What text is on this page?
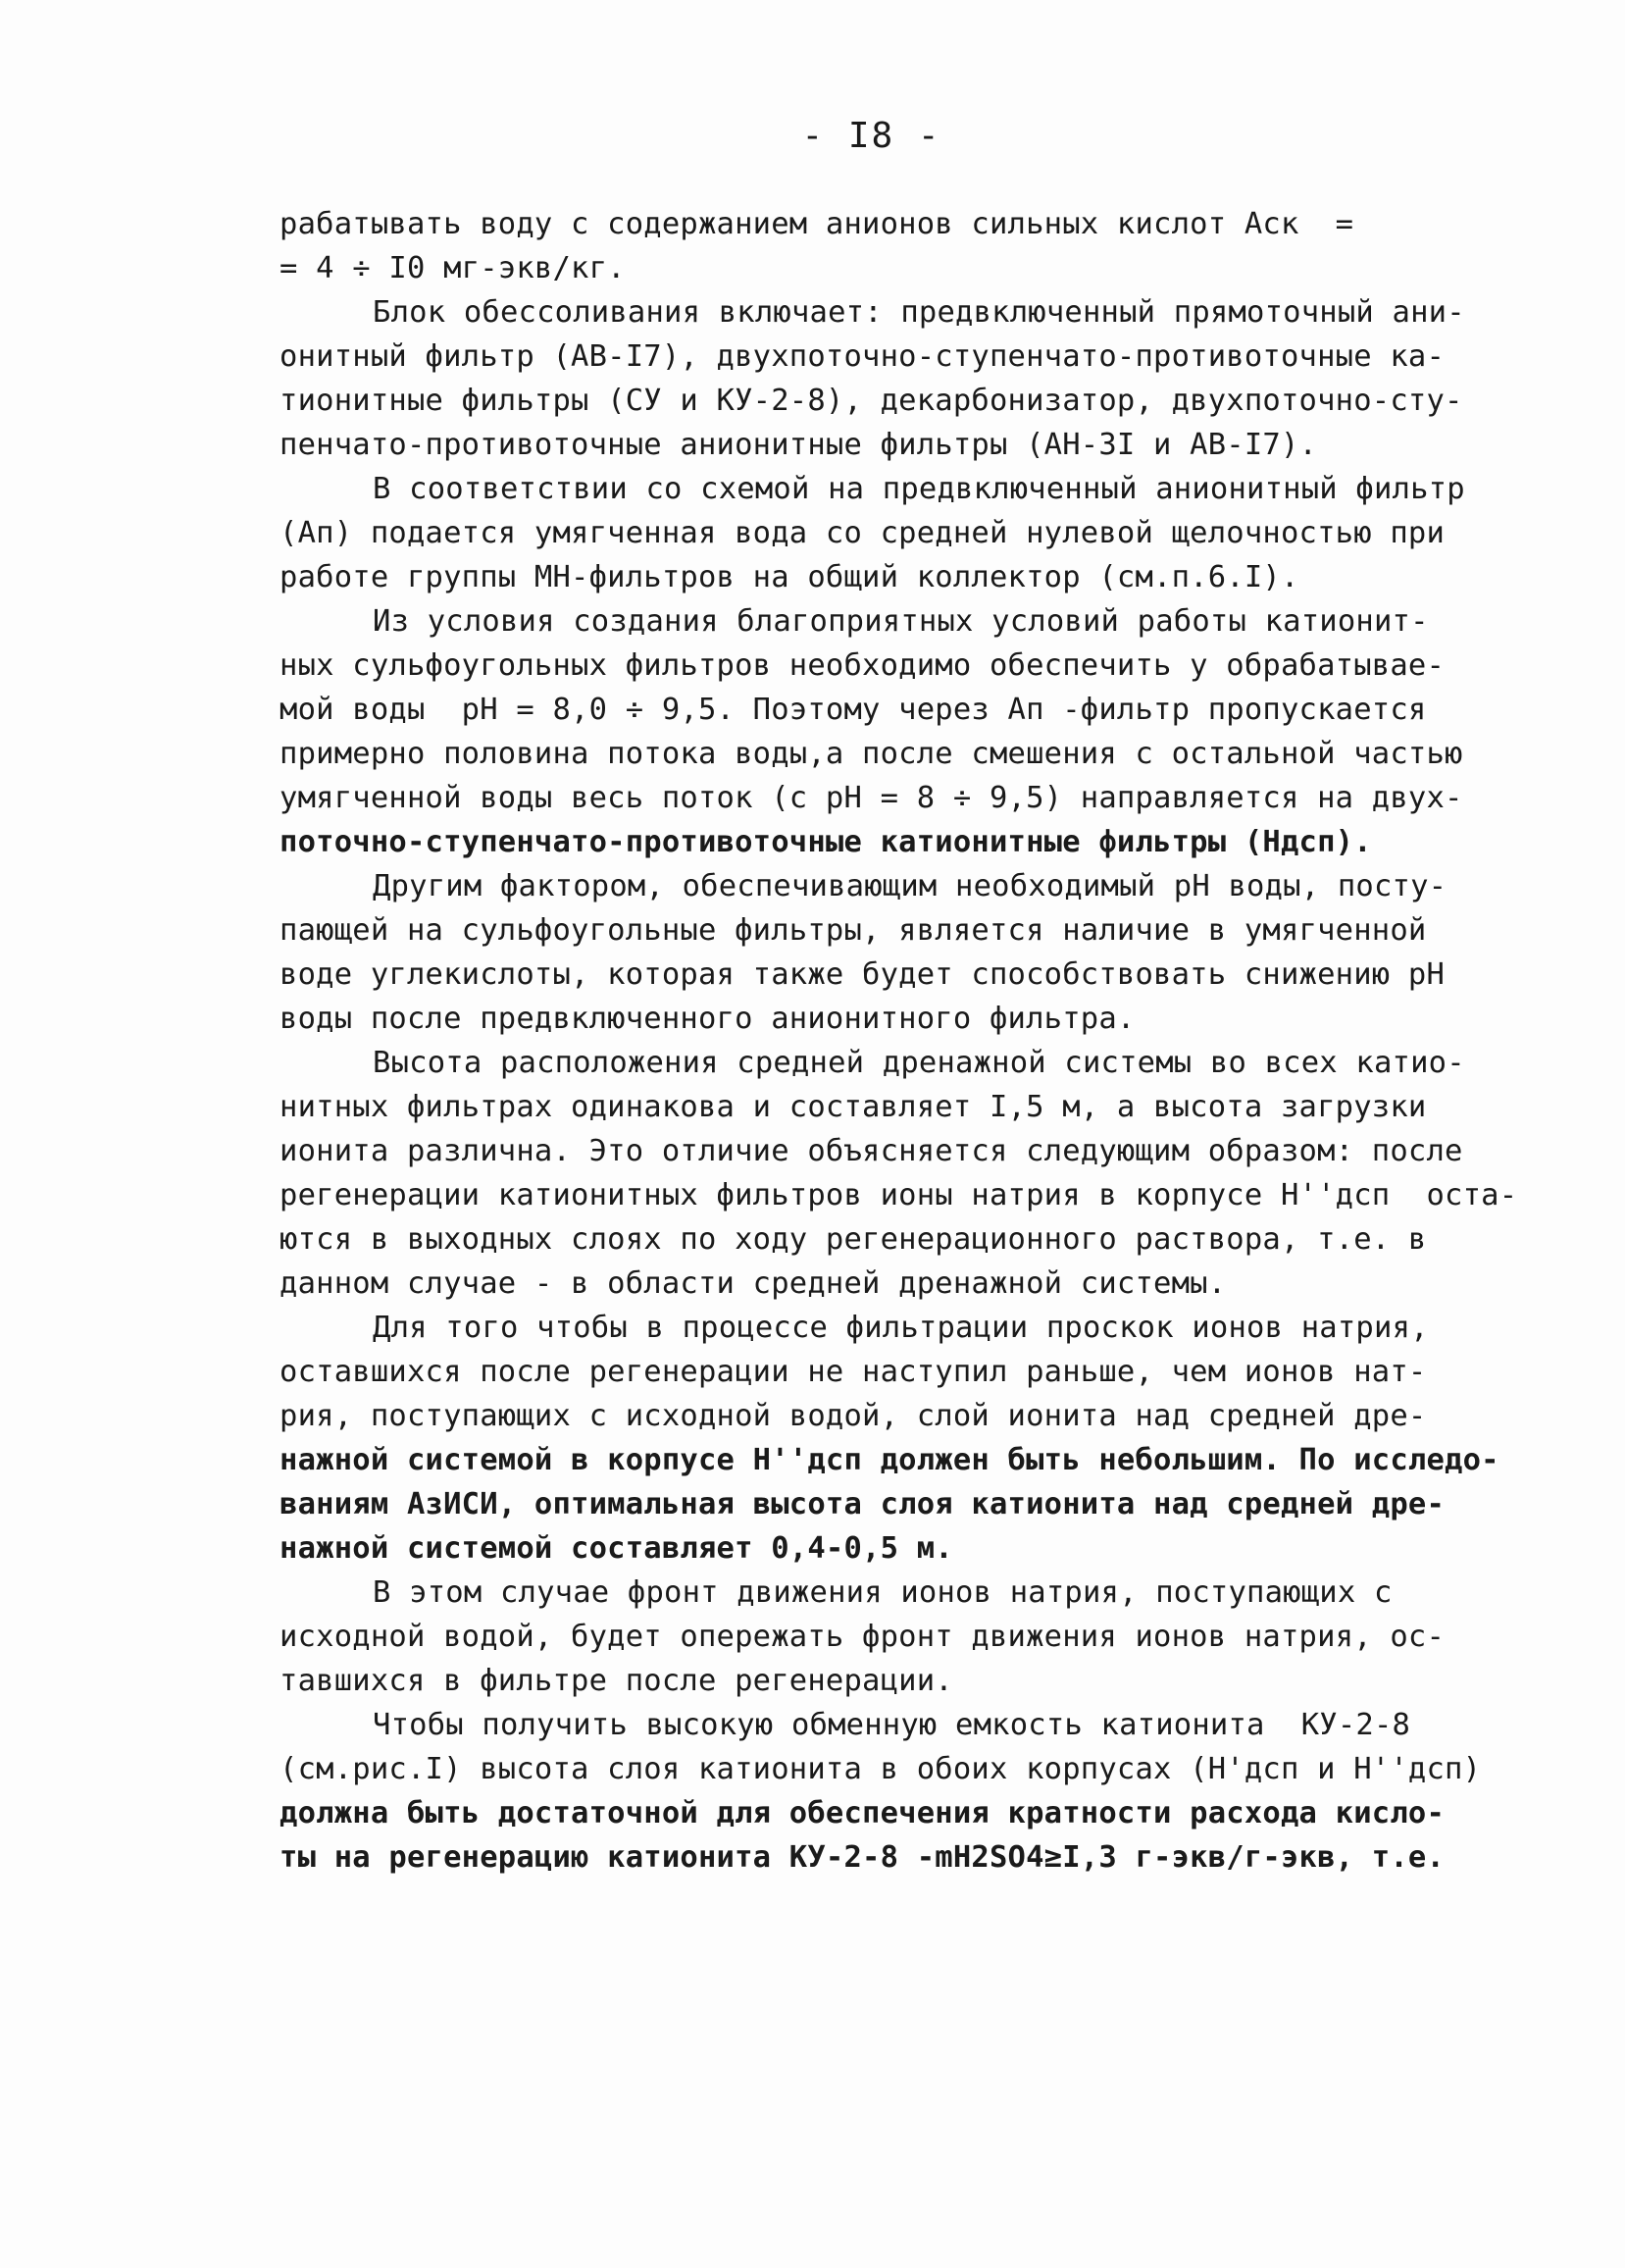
- I8 -
рабатывать воду с содержанием анионов сильных кислот Aск  =
= 4 ÷ I0 мг-экв/кг.
Блок обессоливания включает: предвключенный прямоточный ани-
онитный фильтр (АВ-I7), двухпоточно-ступенчато-противоточные ка-
тионитные фильтры (СУ и КУ-2-8), декарбонизатор, двухпоточно-сту-
пенчато-противоточные анионитные фильтры (АН-3I и АВ-I7).
В соответствии со схемой на предвключенный анионитный фильтр
(Aп) подается умягченная вода со средней нулевой щелочностью при
работе группы МН-фильтров на общий коллектор (см.п.6.I).
Из условия создания благоприятных условий работы катионит-
ных сульфоугольных фильтров необходимо обеспечить у обрабатывае-
мой воды  рН = 8,0 ÷ 9,5. Поэтому через Aп -фильтр пропускается
примерно половина потока воды,а после смешения с остальной частью
умягченной воды весь поток (с рН = 8 ÷ 9,5) направляется на двух-
поточно-ступенчато-противоточные катионитные фильтры (Hдсп).
Другим фактором, обеспечивающим необходимый рН воды, посту-
пающей на сульфоугольные фильтры, является наличие в умягченной
воде углекислоты, которая также будет способствовать снижению рН
воды после предвключенного анионитного фильтра.
Высота расположения средней дренажной системы во всех катио-
нитных фильтрах одинакова и составляет I,5 м, а высота загрузки
ионита различна. Это отличие объясняется следующим образом: после
регенерации катионитных фильтров ионы натрия в корпусе H''дсп  оста-
ются в выходных слоях по ходу регенерационного раствора, т.е. в
данном случае - в области средней дренажной системы.
Для того чтобы в процессе фильтрации проскок ионов натрия,
оставшихся после регенерации не наступил раньше, чем ионов нат-
рия, поступающих с исходной водой, слой ионита над средней дре-
нажной системой в корпусе H''дсп должен быть небольшим. По исследо-
ваниям АзИСИ, оптимальная высота слоя катионита над средней дре-
нажной системой составляет 0,4-0,5 м.
В этом случае фронт движения ионов натрия, поступающих с
исходной водой, будет опережать фронт движения ионов натрия, ос-
тавшихся в фильтре после регенерации.
Чтобы получить высокую обменную емкость катионита  КУ-2-8
(см.рис.I) высота слоя катионита в обоих корпусах (H'дсп и H''дсп)
должна быть достаточной для обеспечения кратности расхода кисло-
ты на регенерацию катионита КУ-2-8 -mH2SO4≥I,3 г-экв/г-экв, т.е.
